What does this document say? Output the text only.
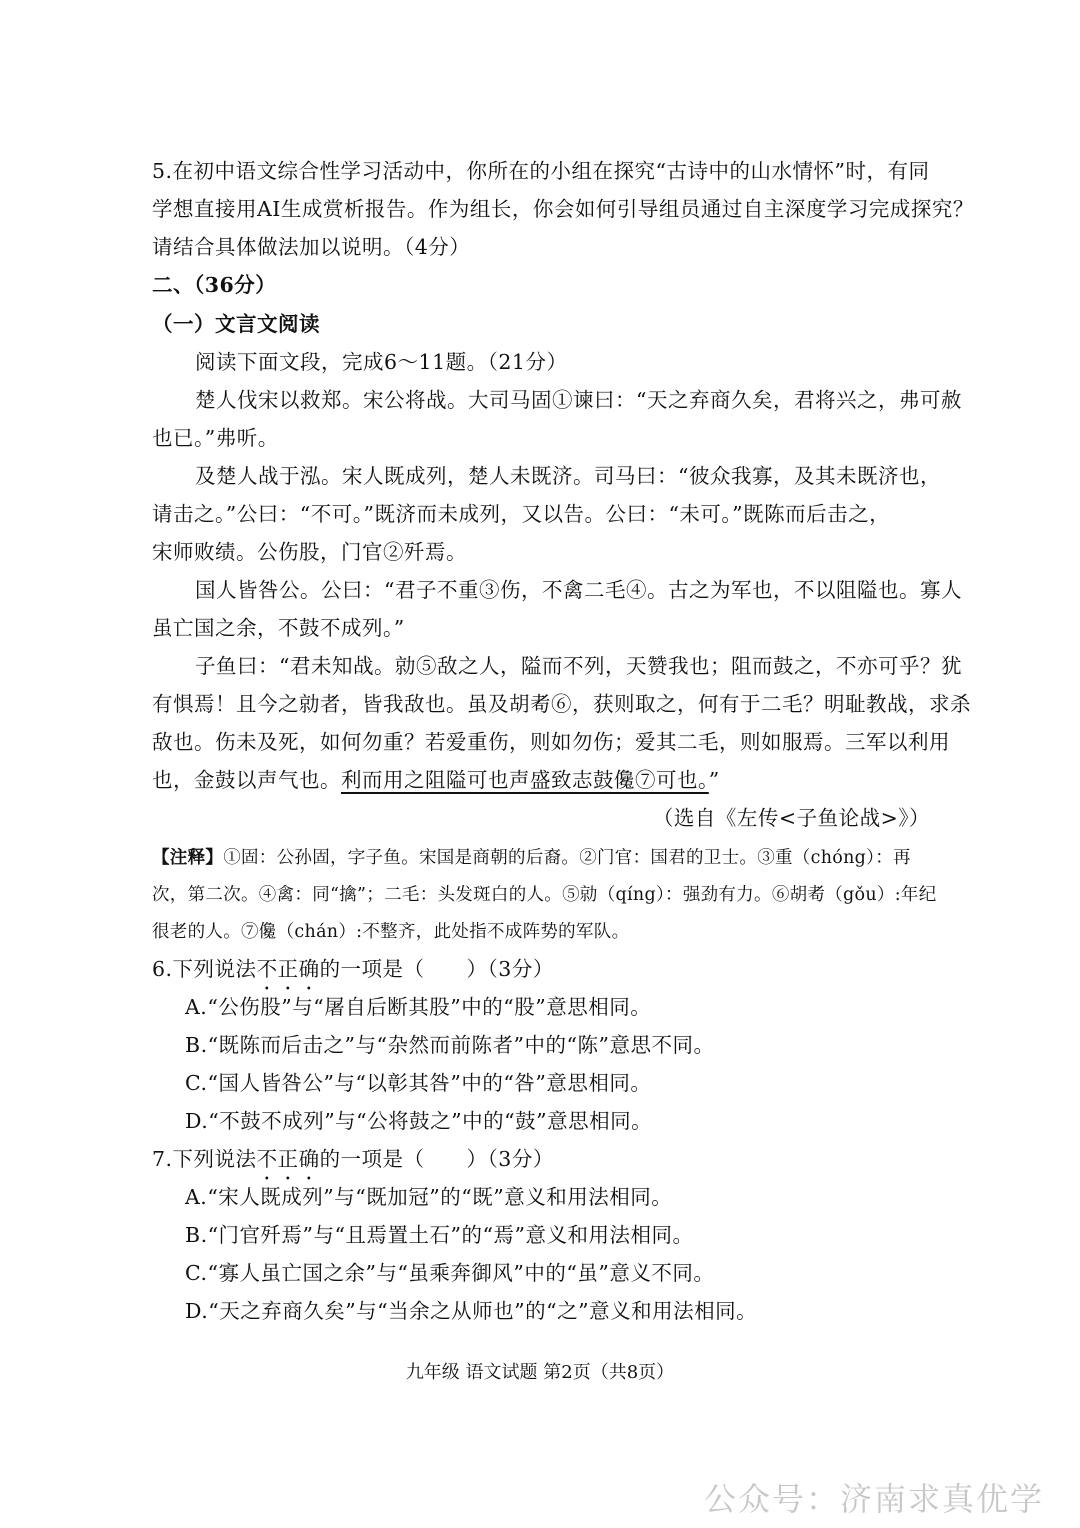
5.在初中语文综合性学习活动中，你所在的小组在探究“古诗中的山水情怀”时，有同
学想直接用AI生成赏析报告。作为组长，你会如何引导组员通过自主深度学习完成探究？
请结合具体做法加以说明。（4分）
二、（36分）
（一）文言文阅读
阅读下面文段，完成6～11题。（21分）
楚人伐宋以救郑。宋公将战。大司马固①谏曰：“天之弃商久矣，君将兴之，弗可赦
也已。”弗听。
及楚人战于泓。宋人既成列，楚人未既济。司马曰：“彼众我寡，及其未既济也，
请击之。”公曰：“不可。”既济而未成列，又以告。公曰：“未可。”既陈而后击之，
宋师败绩。公伤股，门官②歼焉。
国人皆咎公。公曰：“君子不重③伤，不禽二毛④。古之为军也，不以阻隘也。寡人
虽亡国之余，不鼓不成列。”
子鱼曰：“君未知战。勍⑤敌之人，隘而不列，天赞我也；阻而鼓之，不亦可乎？犹
有惧焉！且今之勍者，皆我敌也。虽及胡耇⑥，获则取之，何有于二毛？明耻教战，求杀
敌也。伤未及死，如何勿重？若爱重伤，则如勿伤；爱其二毛，则如服焉。三军以利用
也，金鼓以声气也。利而用之阻隘可也声盛致志鼓儳⑦可也。”
（选自《左传<子鱼论战>》）
【注释】①固：公孙固，字子鱼。宋国是商朝的后裔。②门官：国君的卫士。③重（chóng）：再
次，第二次。④禽：同“擒”；二毛：头发斑白的人。⑤勍（qíng）：强劲有力。⑥胡耇（gǒu）:年纪
很老的人。⑦儳（chán）:不整齐，此处指不成阵势的军队。
6.下列说法不正确的一项是（　　）（3分）
A.“公伤股”与“屠自后断其股”中的“股”意思相同。
B.“既陈而后击之”与“杂然而前陈者”中的“陈”意思不同。
C.“国人皆咎公”与“以彰其咎”中的“咎”意思相同。
D.“不鼓不成列”与“公将鼓之”中的“鼓”意思相同。
7.下列说法不正确的一项是（　　）（3分）
A.“宋人既成列”与“既加冠”的“既”意义和用法相同。
B.“门官歼焉”与“且焉置土石”的“焉”意义和用法相同。
C.“寡人虽亡国之余”与“虽乘奔御风”中的“虽”意义不同。
D.“天之弃商久矣”与“当余之从师也”的“之”意义和用法相同。
九年级 语文试题 第2页（共8页）
公众号：济南求真优学
